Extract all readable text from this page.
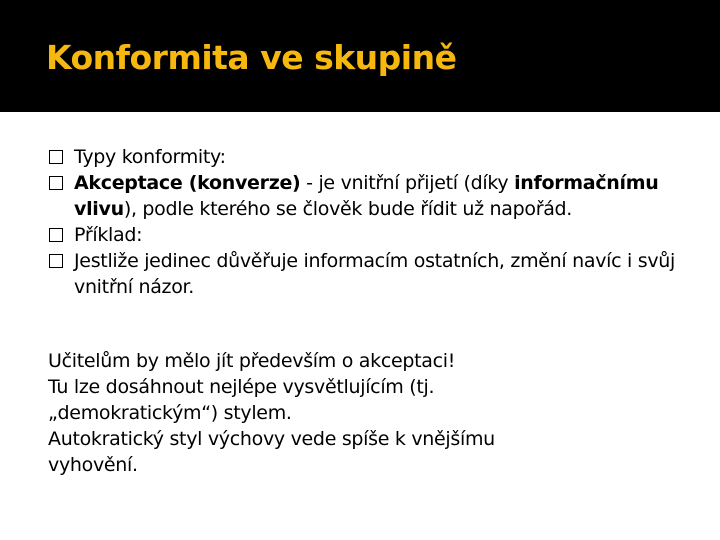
Konformita ve skupině
Typy konformity:
Akceptace (konverze) - je vnitřní přijetí (díky informačnímu vlivu), podle kterého se člověk bude řídit už napořád.
Příklad:
Jestliže jedinec důvěřuje informacím ostatních, změní navíc i svůj vnitřní názor.

Učitelům by mělo jít především o akceptaci!
Tu lze dosáhnout nejlépe vysvětlujícím (tj.
„demokratickým“) stylem.
Autokratický styl výchovy vede spíše k vnějšímu
vyhovění.
